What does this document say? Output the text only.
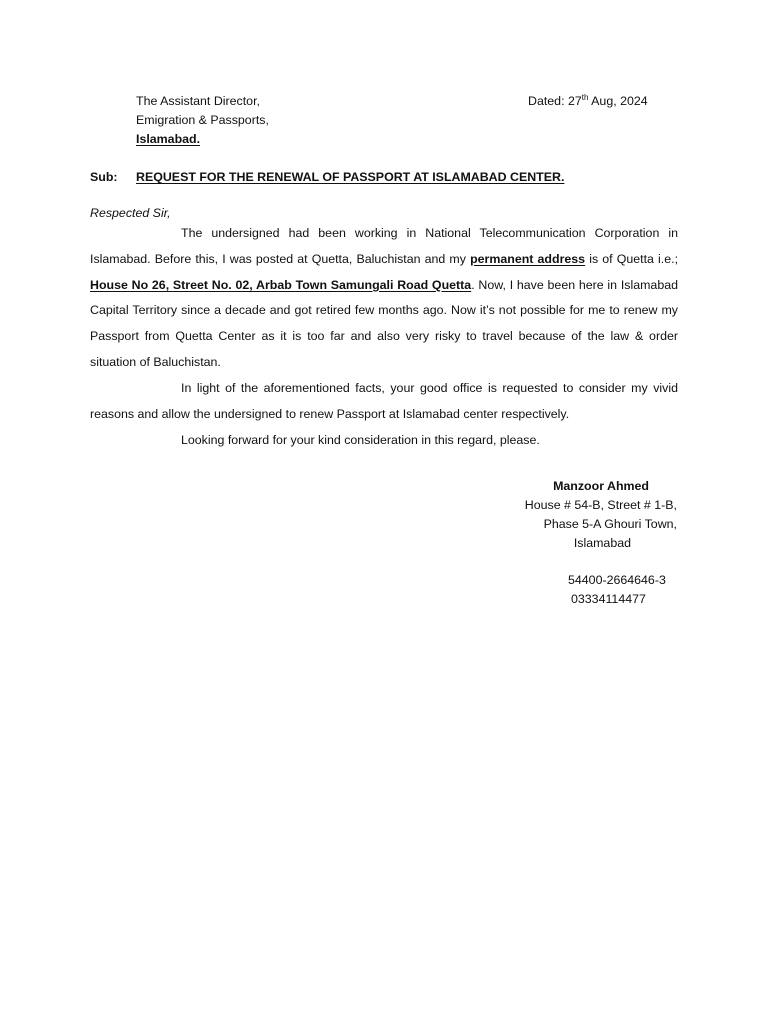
The Assistant Director,
Emigration & Passports,
Islamabad.
Dated: 27th Aug, 2024
Sub: REQUEST FOR THE RENEWAL OF PASSPORT AT ISLAMABAD CENTER.
Respected Sir,

The undersigned had been working in National Telecommunication Corporation in Islamabad. Before this, I was posted at Quetta, Baluchistan and my permanent address is of Quetta i.e.; House No 26, Street No. 02, Arbab Town Samungali Road Quetta. Now, I have been here in Islamabad Capital Territory since a decade and got retired few months ago. Now it’s not possible for me to renew my Passport from Quetta Center as it is too far and also very risky to travel because of the law & order situation of Baluchistan.

In light of the aforementioned facts, your good office is requested to consider my vivid reasons and allow the undersigned to renew Passport at Islamabad center respectively.

Looking forward for your kind consideration in this regard, please.

Manzoor Ahmed
House # 54-B, Street # 1-B,
Phase 5-A Ghouri Town,
Islamabad
54400-2664646-3
03334114477
